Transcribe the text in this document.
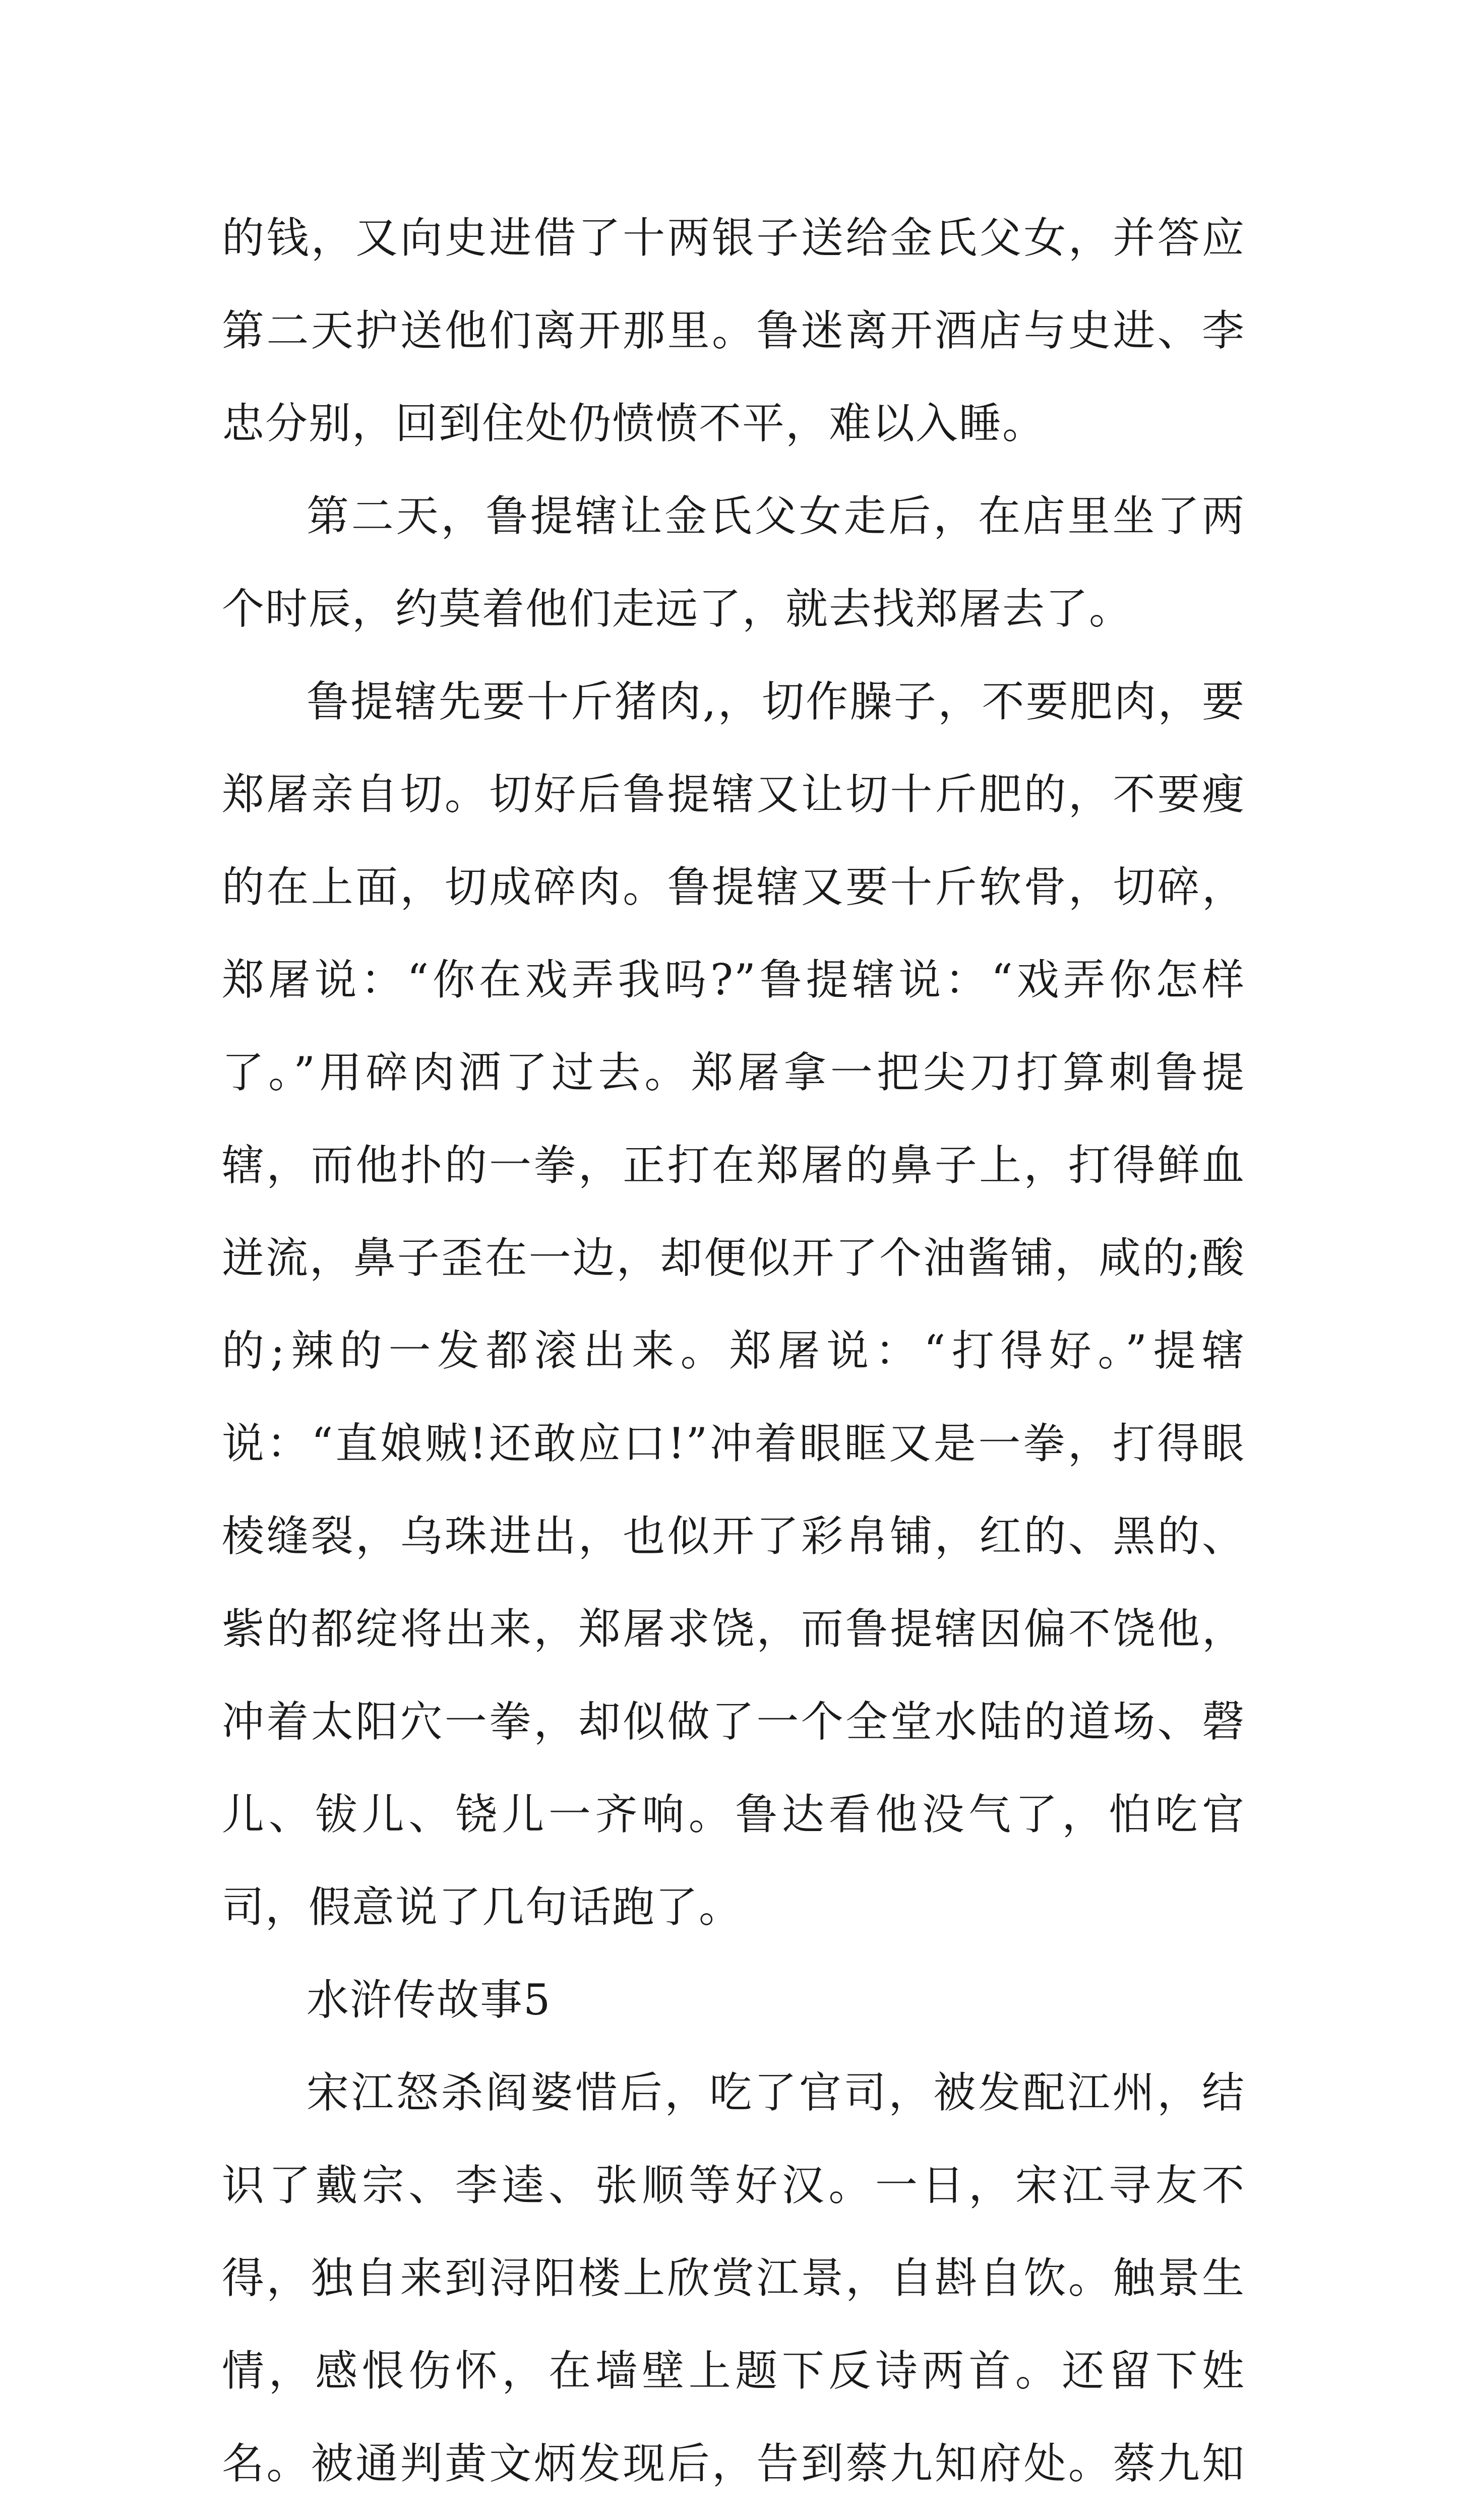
的钱，又向史进借了十两银子送给金氏父女，并答应第二天护送他们离开那里。鲁迷离开酒店与史进、李忠分别，回到住处仍愤愤不平，难以入睡。

第二天，鲁提辖让金氏父女走后，在店里坐了两个时辰，约莫着他们走远了，就去找郑屠去了。

鲁提辖先要十斤猪肉,，切作臊子，不要肥肉，要郑屠亲自切。切好后鲁提辖又让切十斤肥的，不要瘦的在上面，切成碎肉。鲁提辖又要十斤软骨，切碎，郑屠说：“你在戏弄我吗?”鲁提辖说：“戏弄你怎样了。”用碎肉洒了过去。郑屠拿一把尖刀打算刺鲁提辖，而他扑的一拳，正打在郑屠的鼻子上，打得鲜血迸流，鼻子歪在一边，却便似开了个油酱铺，咸的;酸的;辣的一发都滚出来。郑屠说：“打得好。”提辖说：“直娘贼!还敢应口!”冲着眼眶又是一拳，打得眼棱缝裂，乌珠进出，也似开了彩帛铺，红的、黑的、紫的都绽将出来，郑屠求饶，而鲁提辖因偏不饶他，冲着太阳穴一拳，却似做了一个全堂水陆的道场、磬儿、钹儿、铙儿一齐响。鲁达看他没气了，怕吃官司，假意说了几句话跑了。

水浒传故事5

宋江怒杀阎婆惜后，吃了官司，被发配江州，结识了戴宗、李逵、张顺等好汉。一日，宋江寻友不得，独自来到浔阳楼上欣赏江景，自斟自饮。触景生情，感恨伤怀，在墙壁上题下反诗两首。还留下姓名。被通判黄文炳发现后，告到蔡九知府处。蔡九知
